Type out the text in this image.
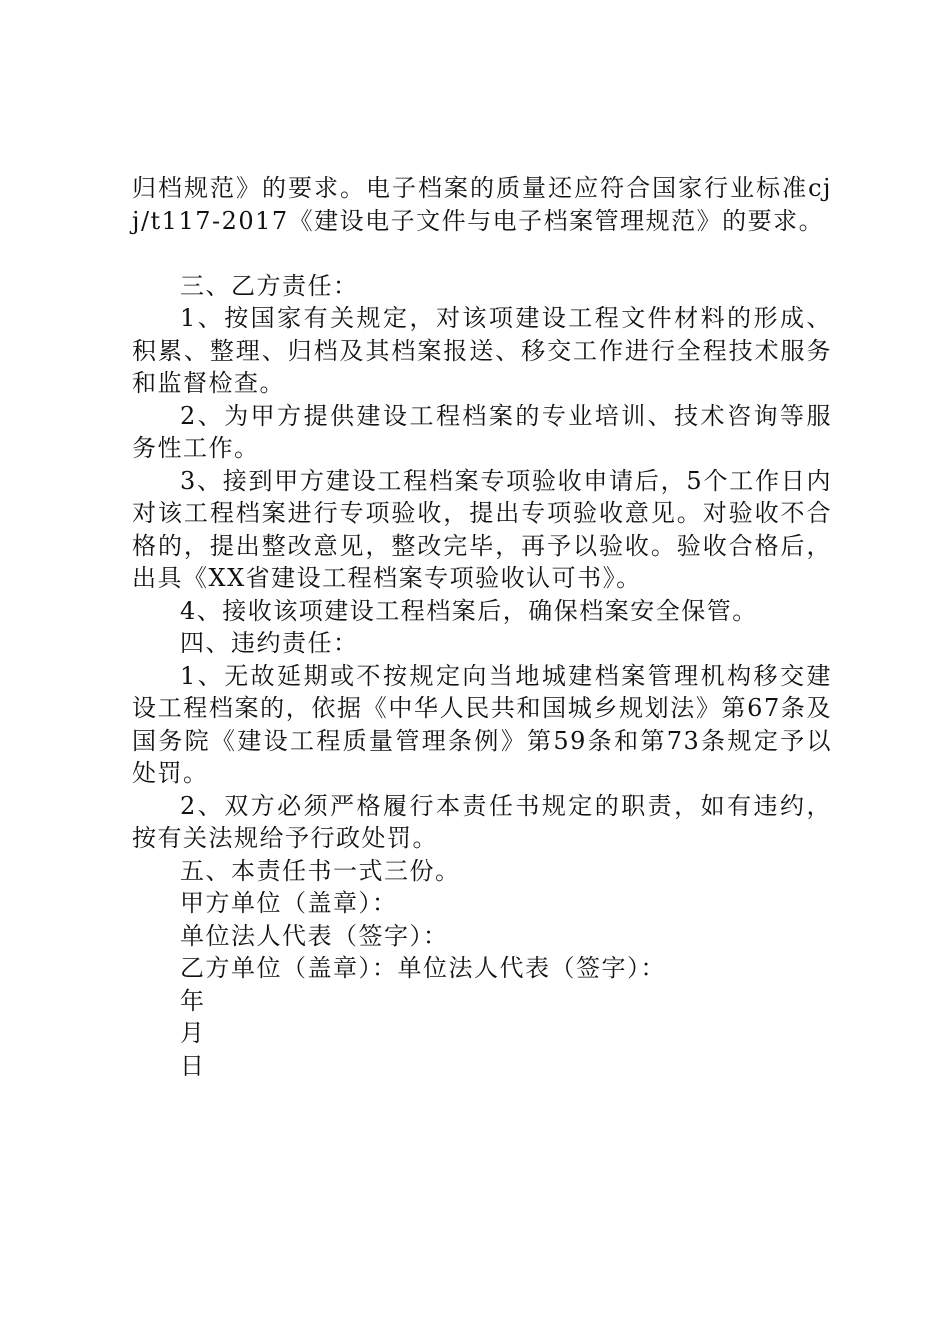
归档规范》的要求。电子档案的质量还应符合国家行业标准cjj/t117-2017《建设电子文件与电子档案管理规范》的要求。

三、乙方责任：

1、按国家有关规定，对该项建设工程文件材料的形成、积累、整理、归档及其档案报送、移交工作进行全程技术服务和监督检查。

2、为甲方提供建设工程档案的专业培训、技术咨询等服务性工作。

3、接到甲方建设工程档案专项验收申请后，5个工作日内对该工程档案进行专项验收，提出专项验收意见。对验收不合格的，提出整改意见，整改完毕，再予以验收。验收合格后，出具《XX省建设工程档案专项验收认可书》。

4、接收该项建设工程档案后，确保档案安全保管。

四、违约责任：

1、无故延期或不按规定向当地城建档案管理机构移交建设工程档案的，依据《中华人民共和国城乡规划法》第67条及国务院《建设工程质量管理条例》第59条和第73条规定予以处罚。

2、双方必须严格履行本责任书规定的职责，如有违约，按有关法规给予行政处罚。

五、本责任书一式三份。

甲方单位（盖章）：
单位法人代表（签字）：
乙方单位（盖章）：单位法人代表（签字）：
年
月
日
